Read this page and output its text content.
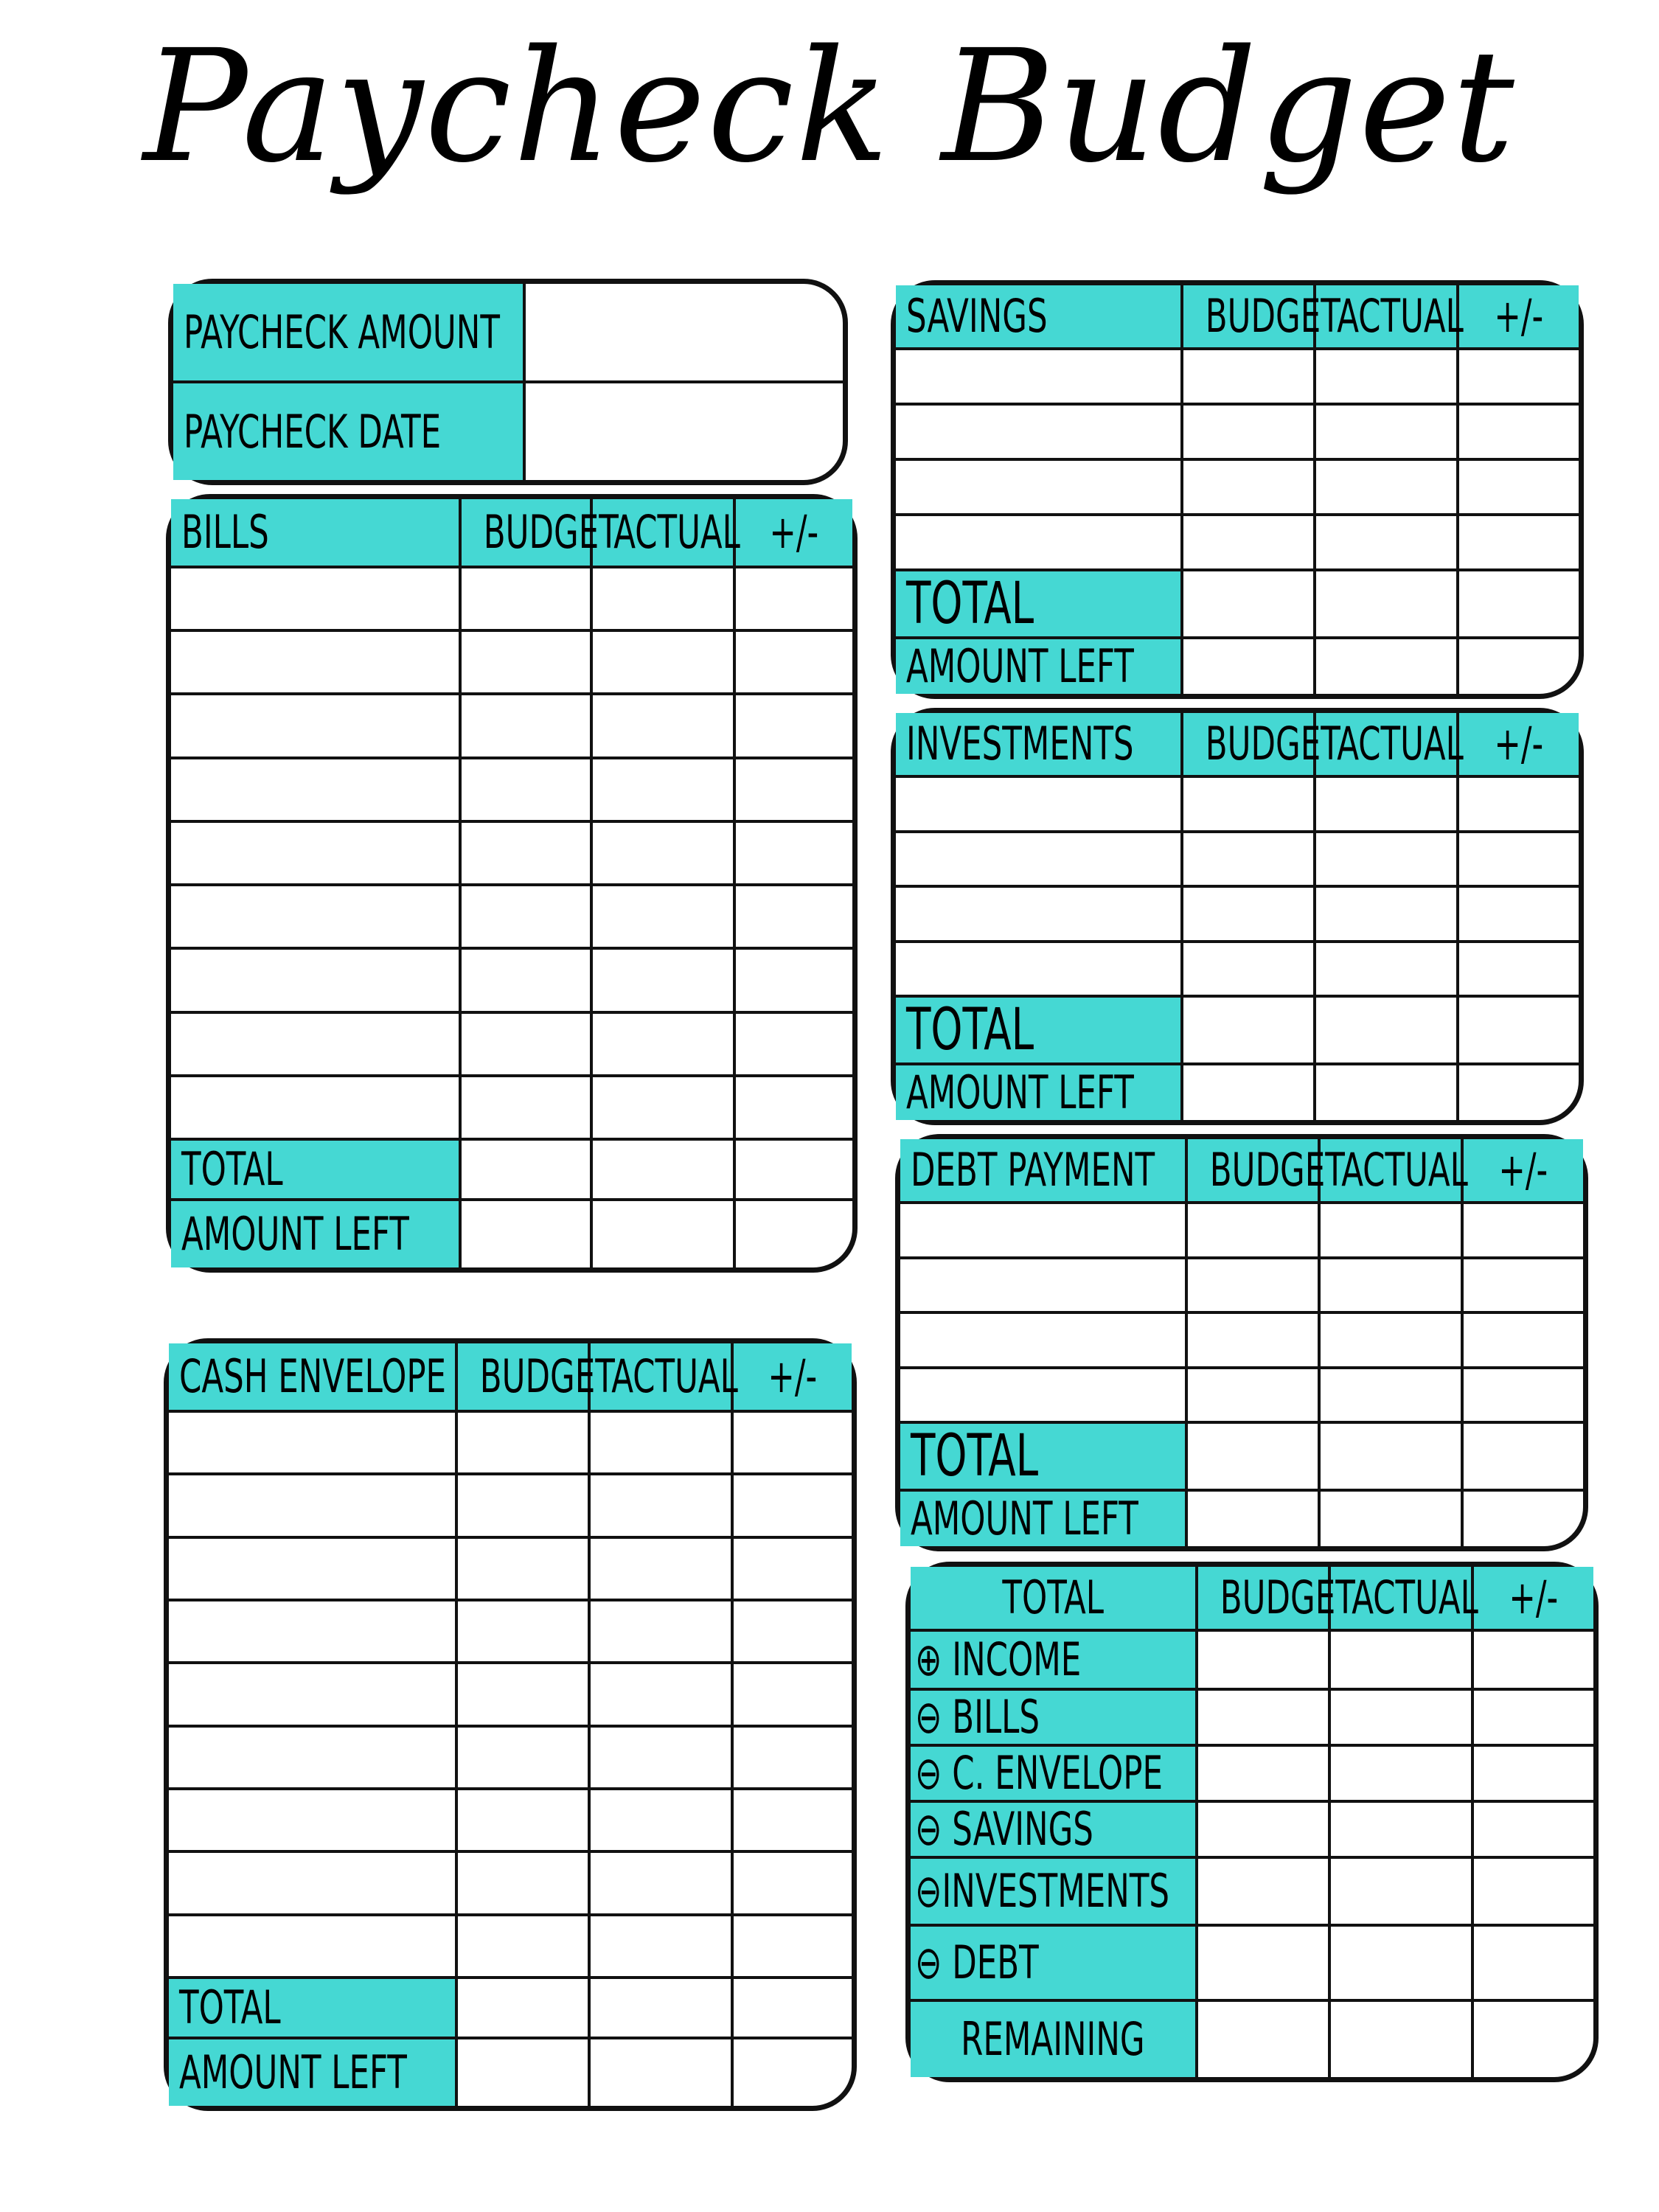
Paycheck Budget
PAYCHECK AMOUNT	
PAYCHECK DATE	
BILLS	BUDGET	ACTUAL	+/-

TOTAL			
AMOUNT LEFT			
CASH ENVELOPE	BUDGET	ACTUAL	+/-

TOTAL			
AMOUNT LEFT			
SAVINGS	BUDGET	ACTUAL	+/-

TOTAL			
AMOUNT LEFT			
INVESTMENTS	BUDGET	ACTUAL	+/-

TOTAL			
AMOUNT LEFT			
DEBT PAYMENT	BUDGET	ACTUAL	+/-

TOTAL			
AMOUNT LEFT			
TOTAL	BUDGET	ACTUAL	+/-
⊕ INCOME			
⊖ BILLS			
⊖ C. ENVELOPE			
⊖ SAVINGS			
⊖INVESTMENTS			
⊖ DEBT			
REMAINING			
